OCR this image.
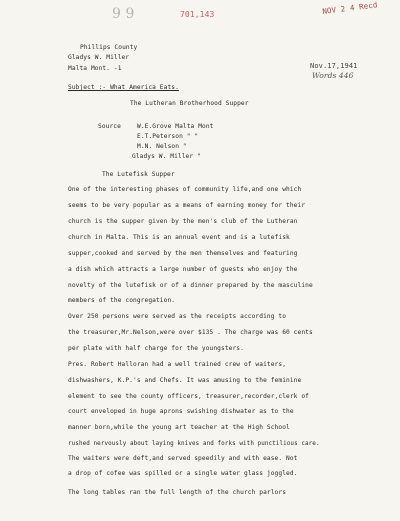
9 9	701,143	NOV 2 4 Recd
Phillips County
Gladys W. Miller
Malta Mont. -1	Nov.17,1941
Words 446
Subject :- What America Eats.
The Lutheran Brotherhood Supper
Source	W.E.Grove Malta Mont
E.T.Peterson " "
M.N. Nelson "
Gladys W. Miller "
The Lutefisk Supper
One of the interesting phases of community life,and one which
seems to be very popular as a means of earning money for their
church is the supper given by the men's club of the Lutheran
church in Malta. This is an annual event and is a lutefisk
supper,cooked and served by the men themselves and featuring
a dish which attracts a large number of guests who enjoy the
novelty of the lutefisk or of a dinner prepared by the masculine
members of the congregation.
Over 250 persons were served as the receipts according to
the treasurer,Mr.Nelson,were over $135 . The charge was 60 cents
per plate with half charge for the youngsters.
Pres. Robert Halloran had a well trained crew of waiters,
dishwashers, K.P.'s and Chefs. It was amusing to the feminine
element to see the county officers, treasurer,recorder,clerk of
court enveloped in huge aprons swishing dishwater as to the
manner born,while the young art teacher at the High School
rushed nervously about laying knives and forks with punctilious care.
The waiters were deft,and served speedily and with ease. Not
a drop of cofee was spilled or a single water glass joggled.
The long tables ran the full length of the church parlors
